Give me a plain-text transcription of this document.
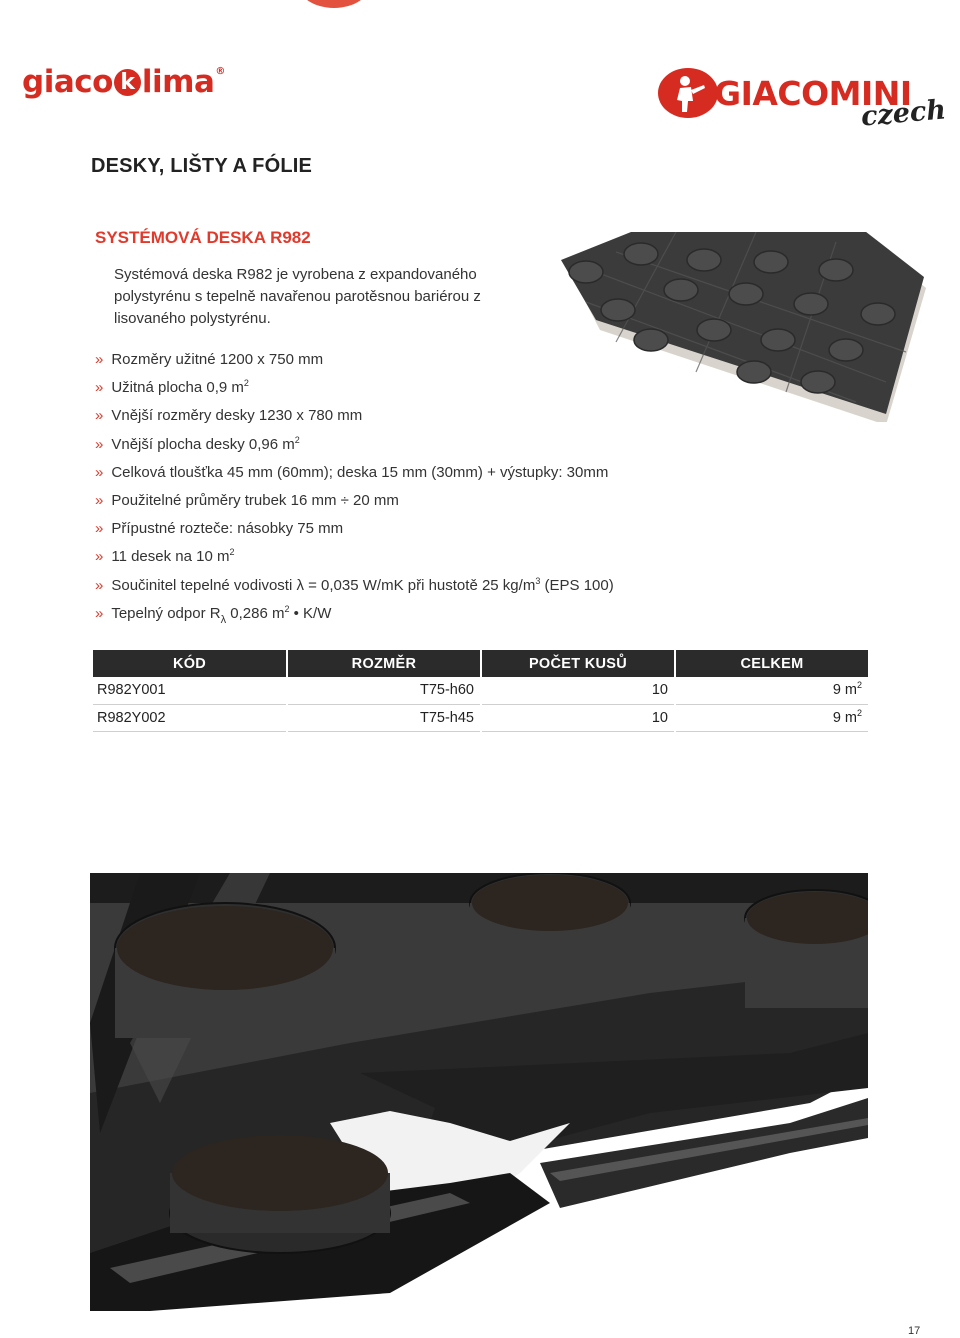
giaco k lima ®
GIACOMINI
czech
DESKY, LIŠTY A FÓLIE
SYSTÉMOVÁ DESKA R982

Systémová deska R982 je vyrobena z expandovaného polystyrénu s tepelně navařenou parotěsnou bariérou z lisovaného polystyrénu.

» Rozměry užitné 1200 x 750 mm
» Užitná plocha 0,9 $m^2$
» Vnější rozměry desky 1230 x 780 mm
» Vnější plocha desky 0,96 $m^2$
» Celková tloušťka 45 mm (60mm); deska 15 mm (30mm) + výstupky: 30mm
» Použitelné průměry trubek 16 mm ÷ 20 mm
» Přípustné rozteče: násobky 75 mm
» 11 desek na 10 $m^2$
» Součinitel tepelné vodivosti λ = 0,035 W/mK při hustotě 25 $kg/m^3$ (EPS 100)
» Tepelný odpor $R_\lambda$ 0,286 $m^2$ • K/W
KÓD	ROZMĚR	POČET KUSŮ	CELKEM
R982Y001	T75-h60	10	9 $m^2$
R982Y002	T75-h45	10	9 $m^2$
17
